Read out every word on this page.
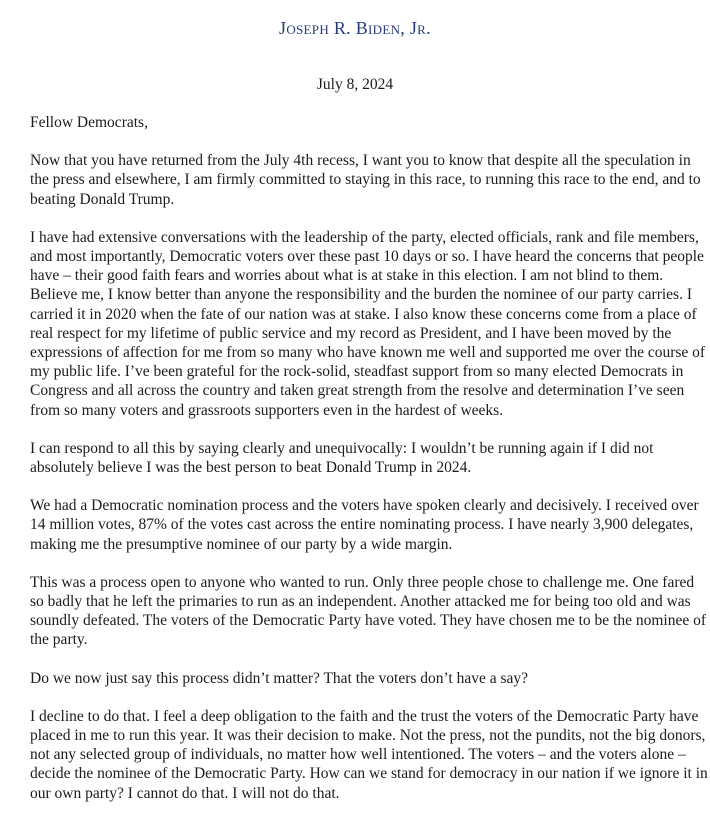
Joseph R. Biden, Jr.
July 8, 2024

Fellow Democrats,

Now that you have returned from the July 4th recess, I want you to know that despite all the speculation in the press and elsewhere, I am firmly committed to staying in this race, to running this race to the end, and to beating Donald Trump.

I have had extensive conversations with the leadership of the party, elected officials, rank and file members, and most importantly, Democratic voters over these past 10 days or so. I have heard the concerns that people have – their good faith fears and worries about what is at stake in this election. I am not blind to them. Believe me, I know better than anyone the responsibility and the burden the nominee of our party carries. I carried it in 2020 when the fate of our nation was at stake. I also know these concerns come from a place of real respect for my lifetime of public service and my record as President, and I have been moved by the expressions of affection for me from so many who have known me well and supported me over the course of my public life. I’ve been grateful for the rock-solid, steadfast support from so many elected Democrats in Congress and all across the country and taken great strength from the resolve and determination I’ve seen from so many voters and grassroots supporters even in the hardest of weeks.

I can respond to all this by saying clearly and unequivocally: I wouldn’t be running again if I did not absolutely believe I was the best person to beat Donald Trump in 2024.

We had a Democratic nomination process and the voters have spoken clearly and decisively. I received over 14 million votes, 87% of the votes cast across the entire nominating process. I have nearly 3,900 delegates, making me the presumptive nominee of our party by a wide margin.

This was a process open to anyone who wanted to run. Only three people chose to challenge me. One fared so badly that he left the primaries to run as an independent. Another attacked me for being too old and was soundly defeated. The voters of the Democratic Party have voted. They have chosen me to be the nominee of the party.

Do we now just say this process didn’t matter? That the voters don’t have a say?

I decline to do that. I feel a deep obligation to the faith and the trust the voters of the Democratic Party have placed in me to run this year. It was their decision to make. Not the press, not the pundits, not the big donors, not any selected group of individuals, no matter how well intentioned. The voters – and the voters alone – decide the nominee of the Democratic Party. How can we stand for democracy in our nation if we ignore it in our own party? I cannot do that. I will not do that.
